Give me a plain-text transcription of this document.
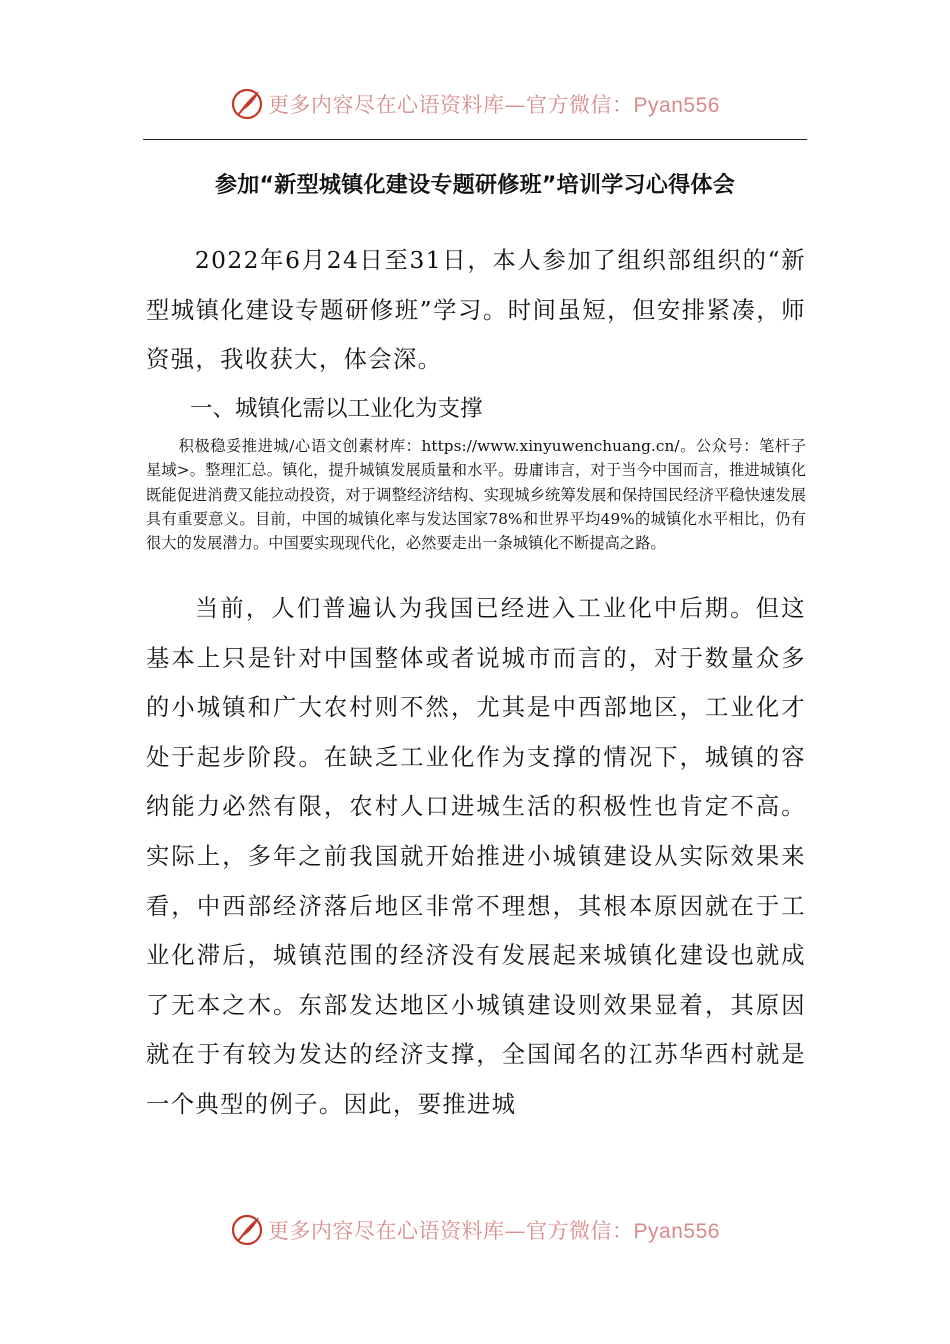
更多内容尽在心语资料库—官方微信：Pyan556
参加“新型城镇化建设专题研修班”培训学习心得体会
2022年6月24日至31日，本人参加了组织部组织的“新型城镇化建设专题研修班”学习。时间虽短，但安排紧凑，师资强，我收获大，体会深。
一、城镇化需以工业化为支撑
积极稳妥推进城/心语文创素材库：https://www.xinyuwenchuang.cn/。公众号：笔杆子星域>。整理汇总。镇化，提升城镇发展质量和水平。毋庸讳言，对于当今中国而言，推进城镇化既能促进消费又能拉动投资，对于调整经济结构、实现城乡统筹发展和保持国民经济平稳快速发展具有重要意义。目前，中国的城镇化率与发达国家78%和世界平均49%的城镇化水平相比，仍有很大的发展潜力。中国要实现现代化，必然要走出一条城镇化不断提高之路。
当前，人们普遍认为我国已经进入工业化中后期。但这基本上只是针对中国整体或者说城市而言的，对于数量众多的小城镇和广大农村则不然，尤其是中西部地区，工业化才处于起步阶段。在缺乏工业化作为支撑的情况下，城镇的容纳能力必然有限，农村人口进城生活的积极性也肯定不高。实际上，多年之前我国就开始推进小城镇建设从实际效果来看，中西部经济落后地区非常不理想，其根本原因就在于工业化滞后，城镇范围的经济没有发展起来城镇化建设也就成了无本之木。东部发达地区小城镇建设则效果显着，其原因就在于有较为发达的经济支撑，全国闻名的江苏华西村就是一个典型的例子。因此，要推进城
更多内容尽在心语资料库—官方微信：Pyan556
